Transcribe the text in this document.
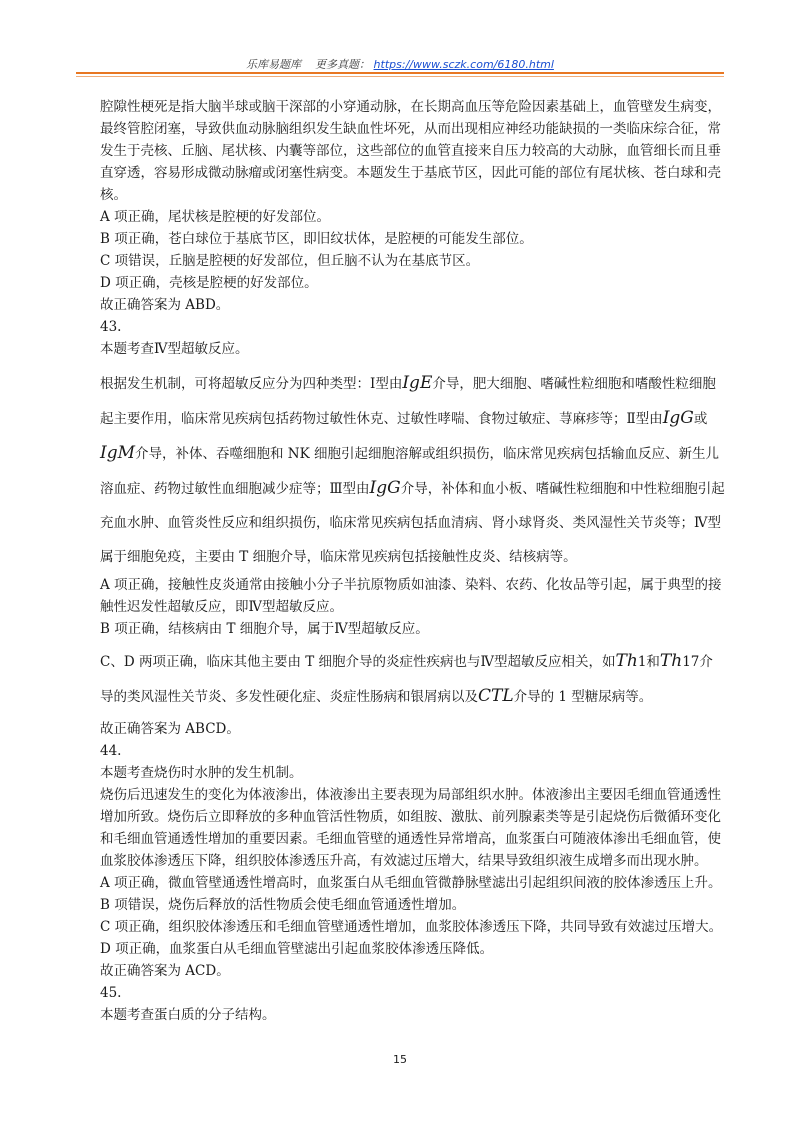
乐库易题库 更多真题： https://www.sczk.com/6180.html

腔隙性梗死是指大脑半球或脑干深部的小穿通动脉，在长期高血压等危险因素基础上，血管壁发生病变，最终管腔闭塞，导致供血动脉脑组织发生缺血性坏死，从而出现相应神经功能缺损的一类临床综合征，常发生于壳核、丘脑、尾状核、内囊等部位，这些部位的血管直接来自压力较高的大动脉，血管细长而且垂直穿透，容易形成微动脉瘤或闭塞性病变。本题发生于基底节区，因此可能的部位有尾状核、苍白球和壳核。

A 项正确，尾状核是腔梗的好发部位。

B 项正确，苍白球位于基底节区，即旧纹状体，是腔梗的可能发生部位。

C 项错误，丘脑是腔梗的好发部位，但丘脑不认为在基底节区。

D 项正确，壳核是腔梗的好发部位。

故正确答案为 ABD。

43.

本题考查Ⅳ型超敏反应。

根据发生机制，可将超敏反应分为四种类型：Ⅰ型由IgE介导，肥大细胞、嗜碱性粒细胞和嗜酸性粒细胞起主要作用，临床常见疾病包括药物过敏性休克、过敏性哮喘、食物过敏症、荨麻疹等；Ⅱ型由IgG或IgM介导，补体、吞噬细胞和 NK 细胞引起细胞溶解或组织损伤，临床常见疾病包括输血反应、新生儿溶血症、药物过敏性血细胞减少症等；Ⅲ型由IgG介导，补体和血小板、嗜碱性粒细胞和中性粒细胞引起充血水肿、血管炎性反应和组织损伤，临床常见疾病包括血清病、肾小球肾炎、类风湿性关节炎等；Ⅳ型属于细胞免疫，主要由 T 细胞介导，临床常见疾病包括接触性皮炎、结核病等。

A 项正确，接触性皮炎通常由接触小分子半抗原物质如油漆、染料、农药、化妆品等引起，属于典型的接触性迟发性超敏反应，即Ⅳ型超敏反应。

B 项正确，结核病由 T 细胞介导，属于Ⅳ型超敏反应。

C、D 两项正确，临床其他主要由 T 细胞介导的炎症性疾病也与Ⅳ型超敏反应相关，如Th1和Th17介导的类风湿性关节炎、多发性硬化症、炎症性肠病和银屑病以及CTL介导的 1 型糖尿病等。

故正确答案为 ABCD。

44.

本题考查烧伤时水肿的发生机制。

烧伤后迅速发生的变化为体液渗出，体液渗出主要表现为局部组织水肿。体液渗出主要因毛细血管通透性增加所致。烧伤后立即释放的多种血管活性物质，如组胺、激肽、前列腺素类等是引起烧伤后微循环变化和毛细血管通透性增加的重要因素。毛细血管壁的通透性异常增高，血浆蛋白可随液体渗出毛细血管，使血浆胶体渗透压下降，组织胶体渗透压升高，有效滤过压增大，结果导致组织液生成增多而出现水肿。

A 项正确，微血管壁通透性增高时，血浆蛋白从毛细血管微静脉壁滤出引起组织间液的胶体渗透压上升。

B 项错误，烧伤后释放的活性物质会使毛细血管通透性增加。

C 项正确，组织胶体渗透压和毛细血管壁通透性增加，血浆胶体渗透压下降，共同导致有效滤过压增大。

D 项正确，血浆蛋白从毛细血管壁滤出引起血浆胶体渗透压降低。

故正确答案为 ACD。

45.

本题考查蛋白质的分子结构。

15
